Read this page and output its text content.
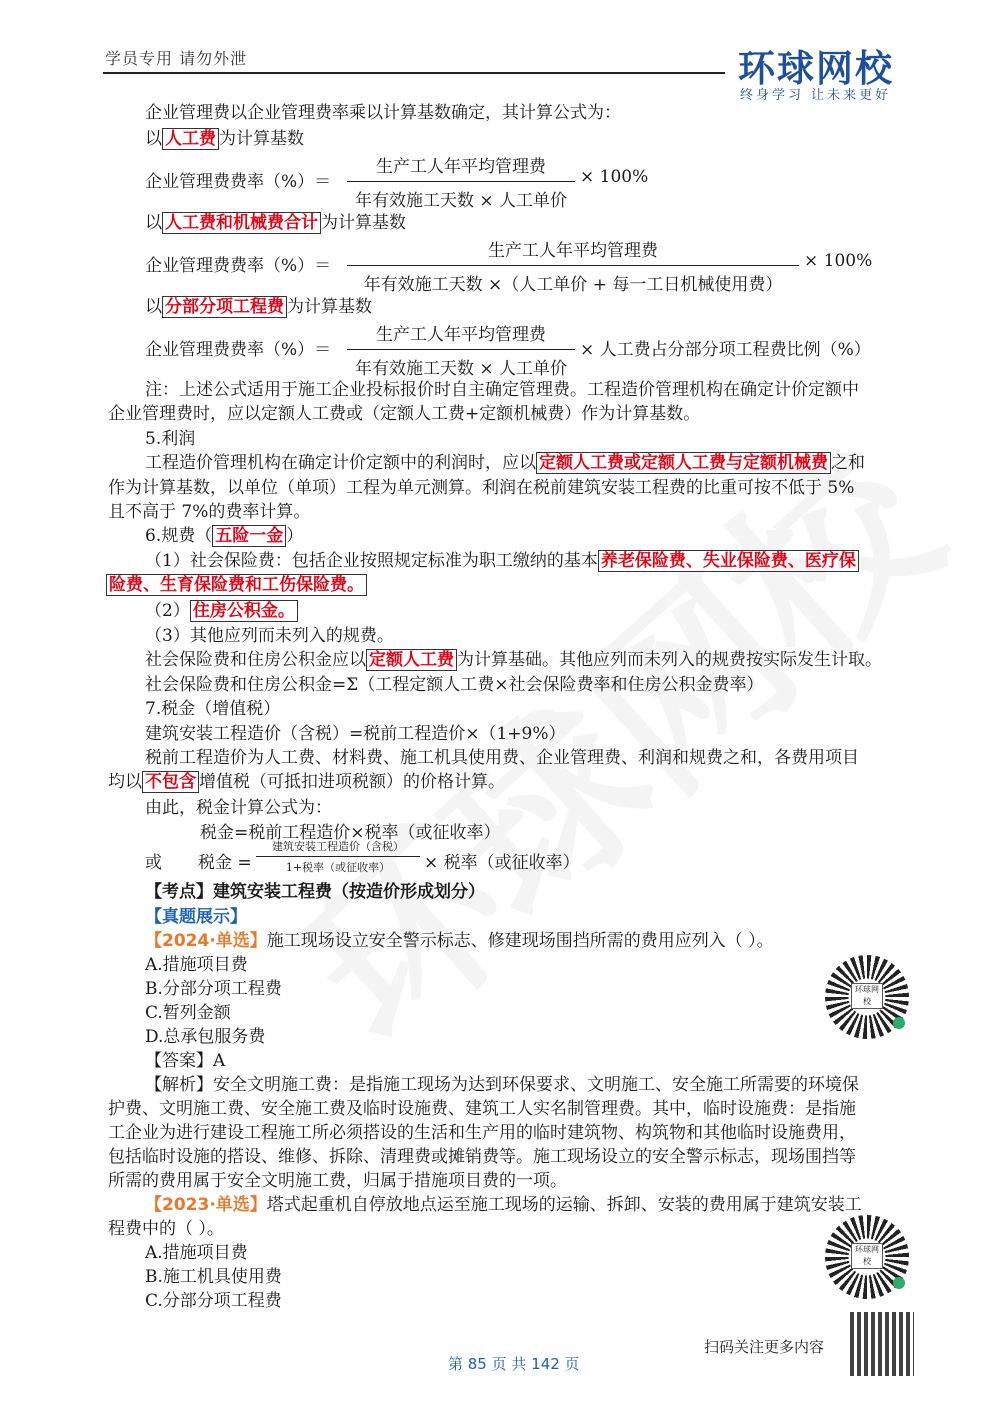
学员专用 请勿外泄	环球网校
终身学习 让未来更好
企业管理费以企业管理费率乘以计算基数确定，其计算公式为：
以 人工费 为计算基数
企业管理费费率（%）＝
生产工人年平均管理费
年有效施工天数 × 人工单价
× 100%
以 人工费和机械费合计 为计算基数
企业管理费费率（%）＝
生产工人年平均管理费
年有效施工天数 ×（人工单价 + 每一工日机械使用费）
× 100%
以 分部分项工程费 为计算基数
企业管理费费率（%）＝
生产工人年平均管理费
年有效施工天数 × 人工单价
× 人工费占分部分项工程费比例（%）
注：上述公式适用于施工企业投标报价时自主确定管理费。工程造价管理机构在确定计价定额中
企业管理费时，应以定额人工费或（定额人工费+定额机械费）作为计算基数。
5.利润
工程造价管理机构在确定计价定额中的利润时，应以 定额人工费或定额人工费与定额机械费 之和
作为计算基数，以单位（单项）工程为单元测算。利润在税前建筑安装工程费的比重可按不低于 5%
且不高于 7%的费率计算。
6.规费（ 五险一金 ）
（1）社会保险费：包括企业按照规定标准为职工缴纳的基本 养老保险费、失业保险费、医疗保
险费、生育保险费和工伤保险费。
（2） 住房公积金。
（3）其他应列而未列入的规费。
社会保险费和住房公积金应以 定额人工费 为计算基础。其他应列而未列入的规费按实际发生计取。
社会保险费和住房公积金=Σ（工程定额人工费×社会保险费率和住房公积金费率）
7.税金（增值税）
建筑安装工程造价（含税）=税前工程造价×（1+9%）
税前工程造价为人工费、材料费、施工机具使用费、企业管理费、利润和规费之和，各费用项目
均以 不包含 增值税（可抵扣进项税额）的价格计算。
由此，税金计算公式为：
税金=税前工程造价×税率（或征收率）
或 税金 =
建筑安装工程造价（含税）
1+税率（或征收率）	× 税率（或征收率）
【考点】建筑安装工程费（按造价形成划分）
【真题展示】
【2024·单选】施工现场设立安全警示标志、修建现场围挡所需的费用应列入（ ）。
A.措施项目费
B.分部分项工程费
C.暂列金额
D.总承包服务费
【答案】A
【解析】安全文明施工费：是指施工现场为达到环保要求、文明施工、安全施工所需要的环境保
护费、文明施工费、安全施工费及临时设施费、建筑工人实名制管理费。其中，临时设施费：是指施
工企业为进行建设工程施工所必须搭设的生活和生产用的临时建筑物、构筑物和其他临时设施费用，
包括临时设施的搭设、维修、拆除、清理费或摊销费等。施工现场设立的安全警示标志，现场围挡等
所需的费用属于安全文明施工费，归属于措施项目费的一项。
【2023·单选】塔式起重机自停放地点运至施工现场的运输、拆卸、安装的费用属于建筑安装工
程费中的（ ）。
A.措施项目费
B.施工机具使用费
C.分部分项工程费
环球网校
环球网校
扫码关注更多内容
第 85 页 共 142 页
